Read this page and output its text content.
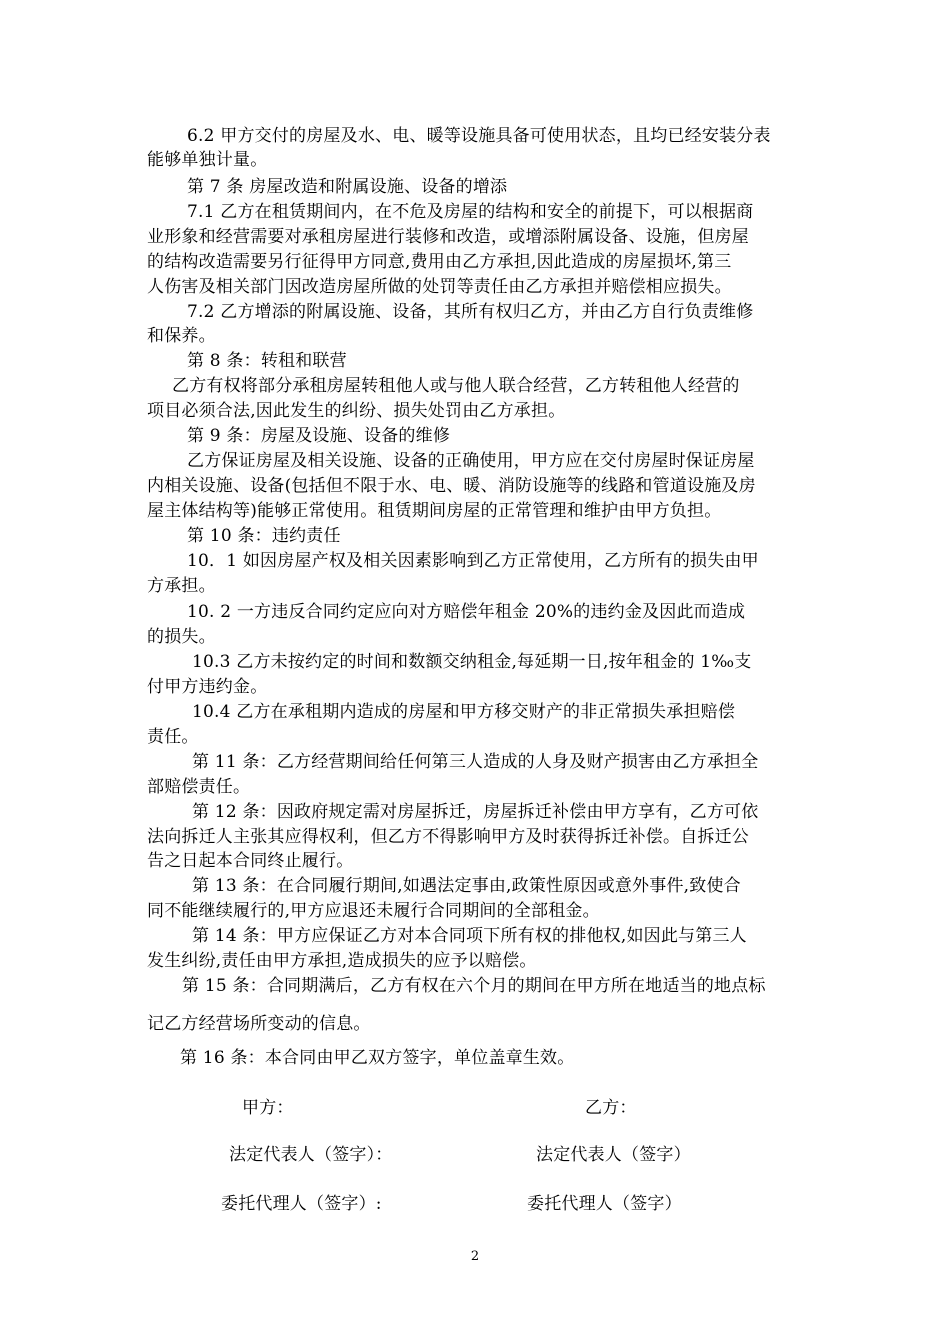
6.2 甲方交付的房屋及水、电、暖等设施具备可使用状态，且均已经安装分表
能够单独计量。
第 7 条 房屋改造和附属设施、设备的增添
7.1 乙方在租赁期间内，在不危及房屋的结构和安全的前提下，可以根据商
业形象和经营需要对承租房屋进行装修和改造，或增添附属设备、设施，但房屋
的结构改造需要另行征得甲方同意,费用由乙方承担,因此造成的房屋损坏,第三
人伤害及相关部门因改造房屋所做的处罚等责任由乙方承担并赔偿相应损失。
7.2 乙方增添的附属设施、设备，其所有权归乙方，并由乙方自行负责维修
和保养。
第 8 条：转租和联营
乙方有权将部分承租房屋转租他人或与他人联合经营，乙方转租他人经营的
项目必须合法,因此发生的纠纷、损失处罚由乙方承担。
第 9 条：房屋及设施、设备的维修
乙方保证房屋及相关设施、设备的正确使用，甲方应在交付房屋时保证房屋
内相关设施、设备(包括但不限于水、电、暖、消防设施等的线路和管道设施及房
屋主体结构等)能够正常使用。租赁期间房屋的正常管理和维护由甲方负担。
第 10 条：违约责任
10．1 如因房屋产权及相关因素影响到乙方正常使用，乙方所有的损失由甲
方承担。
10. 2 一方违反合同约定应向对方赔偿年租金 20%的违约金及因此而造成
的损失。
10.3 乙方未按约定的时间和数额交纳租金,每延期一日,按年租金的 1‰支
付甲方违约金。
10.4 乙方在承租期内造成的房屋和甲方移交财产的非正常损失承担赔偿
责任。
第 11 条：乙方经营期间给任何第三人造成的人身及财产损害由乙方承担全
部赔偿责任。
第 12 条：因政府规定需对房屋拆迁，房屋拆迁补偿由甲方享有，乙方可依
法向拆迁人主张其应得权利，但乙方不得影响甲方及时获得拆迁补偿。自拆迁公
告之日起本合同终止履行。
第 13 条：在合同履行期间,如遇法定事由,政策性原因或意外事件,致使合
同不能继续履行的,甲方应退还未履行合同期间的全部租金。
第 14 条：甲方应保证乙方对本合同项下所有权的排他权,如因此与第三人
发生纠纷,责任由甲方承担,造成损失的应予以赔偿。
第 15 条：合同期满后，乙方有权在六个月的期间在甲方所在地适当的地点标
记乙方经营场所变动的信息。
第 16 条：本合同由甲乙双方签字，单位盖章生效。
甲方：	乙方：
法定代表人（签字）：	法定代表人（签字）
委托代理人（签字）:	委托代理人（签字）
2
